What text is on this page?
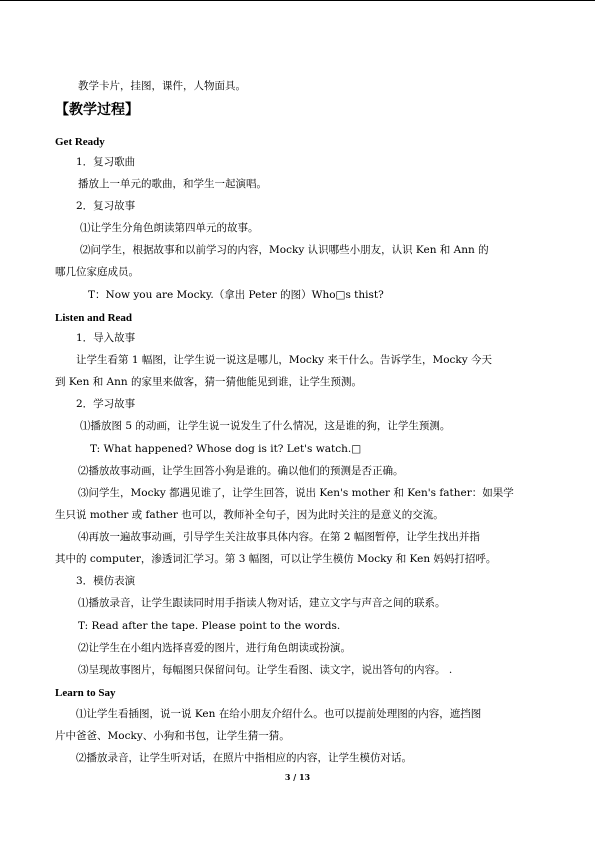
教学卡片，挂图，课件，人物面具。
【教学过程】
Get Ready
1．复习歌曲
播放上一单元的歌曲，和学生一起演唱。
2．复习故事
⑴让学生分角色朗读第四单元的故事。
⑵问学生，根据故事和以前学习的内容，Mocky 认识哪些小朋友，认识 Ken 和 Ann 的
哪几位家庭成员。
T：Now you are Mocky.（拿出 Peter 的图）Who□s thist?
Listen and Read
1．导入故事
让学生看第 1 幅图，让学生说一说这是哪儿，Mocky 来干什么。告诉学生，Mocky 今天
到 Ken 和 Ann 的家里来做客，猜一猜他能见到谁，让学生预测。
2．学习故事
⑴播放图 5 的动画，让学生说一说发生了什么情况，这是谁的狗，让学生预测。
T: What happened? Whose dog is it? Let's watch.□
⑵播放故事动画，让学生回答小狗是谁的。确以他们的预测是否正确。
⑶问学生，Mocky 都遇见谁了，让学生回答，说出 Ken's mother 和 Ken's father：如果学
生只说 mother 或 father 也可以，教师补全句子，因为此时关注的是意义的交流。
⑷再放一遍故事动画，引导学生关注故事具体内容。在第 2 幅图暂停，让学生找出并指
其中的 computer，渗透词汇学习。第 3 幅图，可以让学生模仿 Mocky 和 Ken 妈妈打招呼。
3．模仿表演
⑴播放录音，让学生跟读同时用手指读人物对话，建立文字与声音之间的联系。
T: Read after the tape. Please point to the words.
⑵让学生在小组内选择喜爱的图片，进行角色朗读或扮演。
⑶呈现故事图片，每幅图只保留问句。让学生看图、读文字，说出答句的内容。 .
Learn to Say
⑴让学生看插图，说一说 Ken 在给小朋友介绍什么。也可以提前处理图的内容，遮挡图
片中爸爸、Mocky、小狗和书包，让学生猜一猜。
⑵播放录音，让学生听对话，在照片中指相应的内容，让学生模仿对话。
3 / 13
